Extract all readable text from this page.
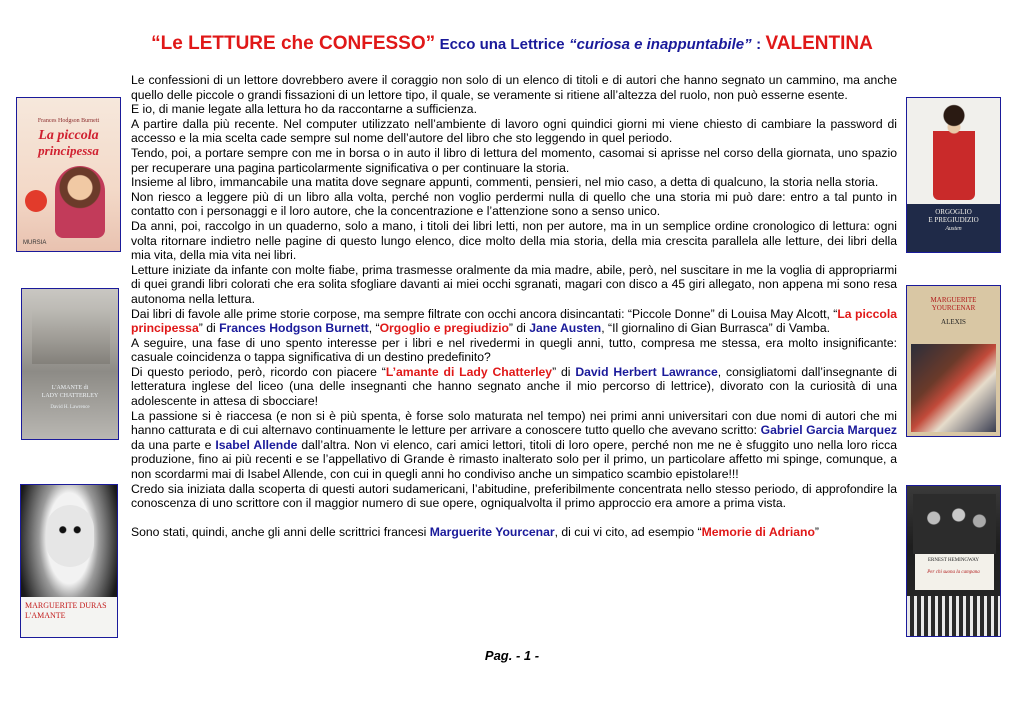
“Le LETTURE che CONFESSO” Ecco una Lettrice “curiosa e inappuntabile” : VALENTINA

Le confessioni di un lettore dovrebbero avere il coraggio non solo di un elenco di titoli e di autori che hanno segnato un cammino, ma anche quello delle piccole o grandi fissazioni di un lettore tipo, il quale, se veramente si ritiene all’altezza del ruolo, non può esserne esente.

E io, di manie legate alla lettura ho da raccontarne a sufficienza.

A partire dalla più recente. Nel computer utilizzato nell’ambiente di lavoro ogni quindici giorni mi viene chiesto di cambiare la password di accesso e la mia scelta cade sempre sul nome dell’autore del libro che sto leggendo in quel periodo.

Tendo, poi, a portare sempre con me in borsa o in auto il libro di lettura del momento, casomai si aprisse nel corso della giornata, uno spazio per recuperare una pagina particolarmente significativa o per continuare la storia.

Insieme al libro, immancabile una matita dove segnare appunti, commenti, pensieri, nel mio caso, a detta di qualcuno, la storia nella storia.

Non riesco a leggere più di un libro alla volta, perché non voglio perdermi nulla di quello che una storia mi può dare: entro a tal punto in contatto con i personaggi e il loro autore, che la concentrazione e l’attenzione sono a senso unico.

Da anni, poi, raccolgo in un quaderno, solo a mano, i titoli dei libri letti, non per autore, ma in un semplice ordine cronologico di lettura: ogni volta ritornare indietro nelle pagine di questo lungo elenco, dice molto della mia storia, della mia crescita parallela alle letture, dei libri della mia vita, della mia vita nei libri.

Letture iniziate da infante con molte fiabe, prima trasmesse oralmente da mia madre, abile, però, nel suscitare in me la voglia di appropriarmi di quei grandi libri colorati che era solita sfogliare davanti ai miei occhi sgranati, magari con disco a 45 giri allegato, non appena mi sono resa autonoma nella lettura.

Dai libri di favole alle prime storie corpose, ma sempre filtrate con occhi ancora disincantati: “Piccole Donne” di Louisa May Alcott, “La piccola principessa” di Frances Hodgson Burnett, “Orgoglio e pregiudizio” di Jane Austen, “Il giornalino di Gian Burrasca” di Vamba.

A seguire, una fase di uno spento interesse per i libri e nel rivedermi in quegli anni, tutto, compresa me stessa, era molto insignificante: casuale coincidenza o tappa significativa di un destino predefinito?

Di questo periodo, però, ricordo con piacere “L’amante di Lady Chatterley” di David Herbert Lawrance, consigliatomi dall’insegnante di letteratura inglese del liceo (una delle insegnanti che hanno segnato anche il mio percorso di lettrice), divorato con la curiosità di una adolescente in attesa di sbocciare!

La passione si è riaccesa (e non si è più spenta, è forse solo maturata nel tempo) nei primi anni universitari con due nomi di autori che mi hanno catturata e di cui alternavo continuamente le letture per arrivare a conoscere tutto quello che avevano scritto: Gabriel Garcia Marquez da una parte e Isabel Allende dall’altra. Non vi elenco, cari amici lettori, titoli di loro opere, perché non me ne è sfuggito uno nella loro ricca produzione, fino ai più recenti e se l’appellativo di Grande è rimasto inalterato solo per il primo, un particolare affetto mi spinge, comunque, a non scordarmi mai di Isabel Allende, con cui in quegli anni ho condiviso anche un simpatico scambio epistolare!!!

Credo sia iniziata dalla scoperta di questi autori sudamericani, l’abitudine, preferibilmente concentrata nello stesso periodo, di approfondire la conoscenza di uno scrittore con il maggior numero di sue opere, ogniqualvolta il primo approccio era amore a prima vista.

Sono stati, quindi, anche gli anni delle scrittrici francesi Marguerite Yourcenar, di cui vi cito, ad esempio “Memorie di Adriano”

Frances Hodgson Burnett
La piccola
principessa
MURSIA
L'AMANTE di
LADY CHATTERLEY
David H. Lawrence
MARGUERITE DURAS
L'AMANTE
ORGOGLIO
E PREGIUDIZIO
Austen
MARGUERITE
YOURCENAR
ALEXIS
ERNEST HEMINGWAY
Per chi suona la campana
Pag. - 1 -
